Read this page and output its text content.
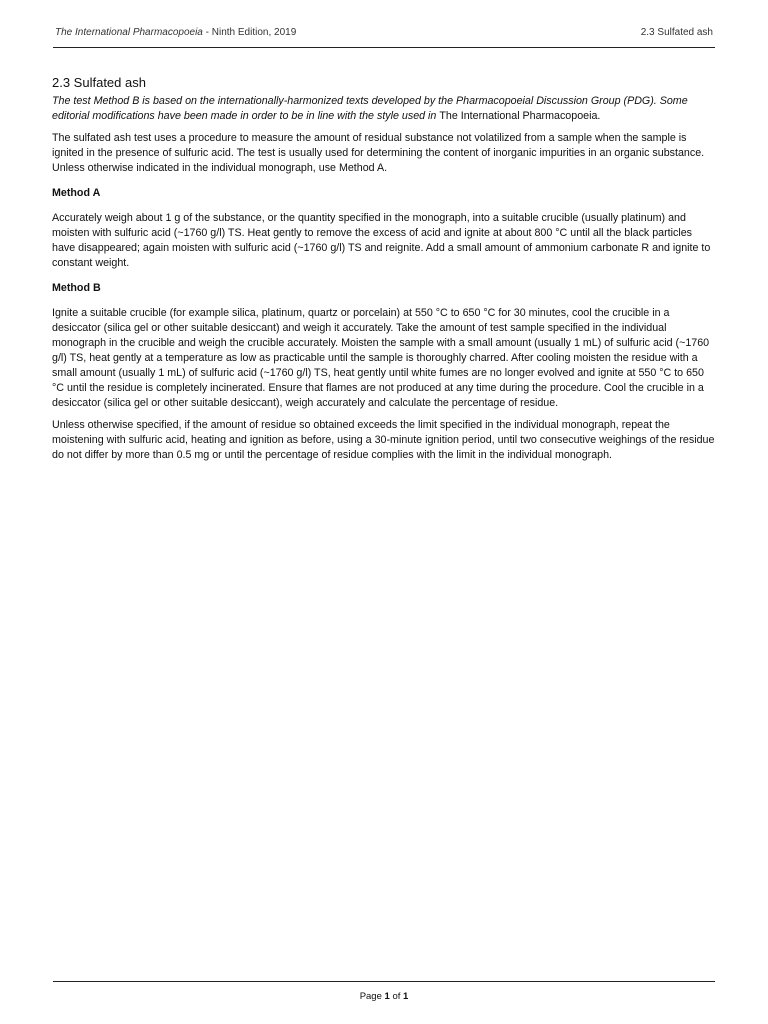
The International Pharmacopoeia - Ninth Edition, 2019	2.3 Sulfated ash
2.3 Sulfated ash

The test Method B is based on the internationally-harmonized texts developed by the Pharmacopoeial Discussion Group (PDG). Some editorial modifications have been made in order to be in line with the style used in The International Pharmacopoeia.

The sulfated ash test uses a procedure to measure the amount of residual substance not volatilized from a sample when the sample is ignited in the presence of sulfuric acid. The test is usually used for determining the content of inorganic impurities in an organic substance. Unless otherwise indicated in the individual monograph, use Method A.

Method A

Accurately weigh about 1 g of the substance, or the quantity specified in the monograph, into a suitable crucible (usually platinum) and moisten with sulfuric acid (~1760 g/l) TS. Heat gently to remove the excess of acid and ignite at about 800 °C until all the black particles have disappeared; again moisten with sulfuric acid (~1760 g/l) TS and reignite. Add a small amount of ammonium carbonate R and ignite to constant weight.

Method B

Ignite a suitable crucible (for example silica, platinum, quartz or porcelain) at 550 °C to 650 °C for 30 minutes, cool the crucible in a desiccator (silica gel or other suitable desiccant) and weigh it accurately. Take the amount of test sample specified in the individual monograph in the crucible and weigh the crucible accurately. Moisten the sample with a small amount (usually 1 mL) of sulfuric acid (~1760 g/l) TS, heat gently at a temperature as low as practicable until the sample is thoroughly charred. After cooling moisten the residue with a small amount (usually 1 mL) of sulfuric acid (~1760 g/l) TS, heat gently until white fumes are no longer evolved and ignite at 550 °C to 650 °C until the residue is completely incinerated. Ensure that flames are not produced at any time during the procedure. Cool the crucible in a desiccator (silica gel or other suitable desiccant), weigh accurately and calculate the percentage of residue.

Unless otherwise specified, if the amount of residue so obtained exceeds the limit specified in the individual monograph, repeat the moistening with sulfuric acid, heating and ignition as before, using a 30-minute ignition period, until two consecutive weighings of the residue do not differ by more than 0.5 mg or until the percentage of residue complies with the limit in the individual monograph.

Page 1 of 1
